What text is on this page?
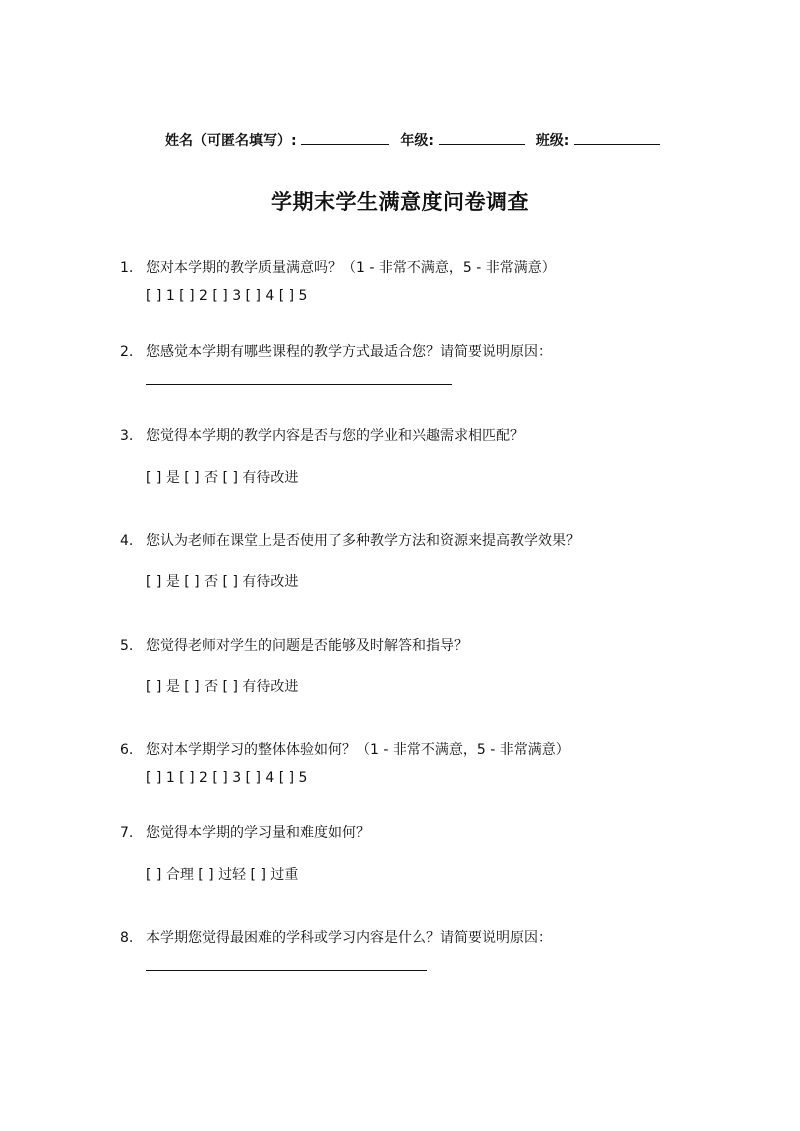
姓名（可匿名填写）:	年级:	班级:
学期末学生满意度问卷调查
1. 您对本学期的教学质量满意吗？（1 - 非常不满意，5 - 非常满意）
[ ] 1 [ ] 2 [ ] 3 [ ] 4 [ ] 5
2. 您感觉本学期有哪些课程的教学方式最适合您？请简要说明原因：
3. 您觉得本学期的教学内容是否与您的学业和兴趣需求相匹配？
[ ] 是 [ ] 否 [ ] 有待改进
4. 您认为老师在课堂上是否使用了多种教学方法和资源来提高教学效果？
[ ] 是 [ ] 否 [ ] 有待改进
5. 您觉得老师对学生的问题是否能够及时解答和指导？
[ ] 是 [ ] 否 [ ] 有待改进
6. 您对本学期学习的整体体验如何？（1 - 非常不满意，5 - 非常满意）
[ ] 1 [ ] 2 [ ] 3 [ ] 4 [ ] 5
7. 您觉得本学期的学习量和难度如何？
[ ] 合理 [ ] 过轻 [ ] 过重
8. 本学期您觉得最困难的学科或学习内容是什么？请简要说明原因：
